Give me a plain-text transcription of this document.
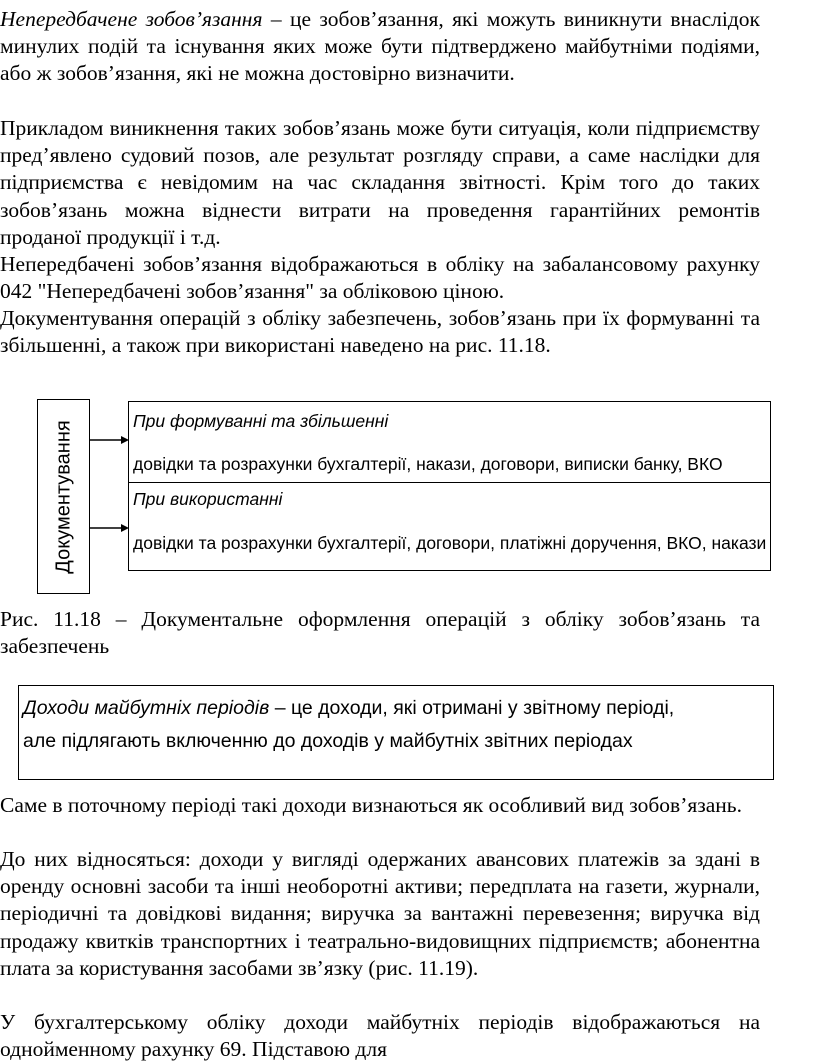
Непередбачене зобов’язання – це зобов’язання, які можуть виникнути внаслідок минулих подій та існування яких може бути підтверджено майбутніми подіями, або ж зобов’язання, які не можна достовірно визначити.

Прикладом виникнення таких зобов’язань може бути ситуація, коли підприємству пред’явлено судовий позов, але результат розгляду справи, а саме наслідки для підприємства є невідомим на час складання звітності. Крім того до таких зобов’язань можна віднести витрати на проведення гарантійних ремонтів проданої продукції і т.д.

Непередбачені зобов’язання відображаються в обліку на забалансовому рахунку 042 "Непередбачені зобов’язання" за обліковою ціною.

Документування операцій з обліку забезпечень, зобов’язань при їх формуванні та збільшенні, а також при використані наведено на рис. 11.18.

Документування	При формуванні та збільшенні
довідки та розрахунки бухгалтерії, накази, договори, виписки банку, ВКО
При використанні
довідки та розрахунки бухгалтерії, договори, платіжні доручення, ВКО, накази

Рис. 11.18 – Документальне оформлення операцій з обліку зобов’язань та забезпечень

Доходи майбутніх періодів – це доходи, які отримані у звітному періоді,
але підлягають включенню до доходів у майбутніх звітних періодах

Саме в поточному періоді такі доходи визнаються як особливий вид зобов’язань.

До них відносяться: доходи у вигляді одержаних авансових платежів за здані в оренду основні засоби та інші необоротні активи; передплата на газети, журнали, періодичні та довідкові видання; виручка за вантажні перевезення; виручка від продажу квитків транспортних і театрально-видовищних підприємств; абонентна плата за користування засобами зв’язку (рис. 11.19).

У бухгалтерському обліку доходи майбутніх періодів відображаються на однойменному рахунку 69. Підставою для
